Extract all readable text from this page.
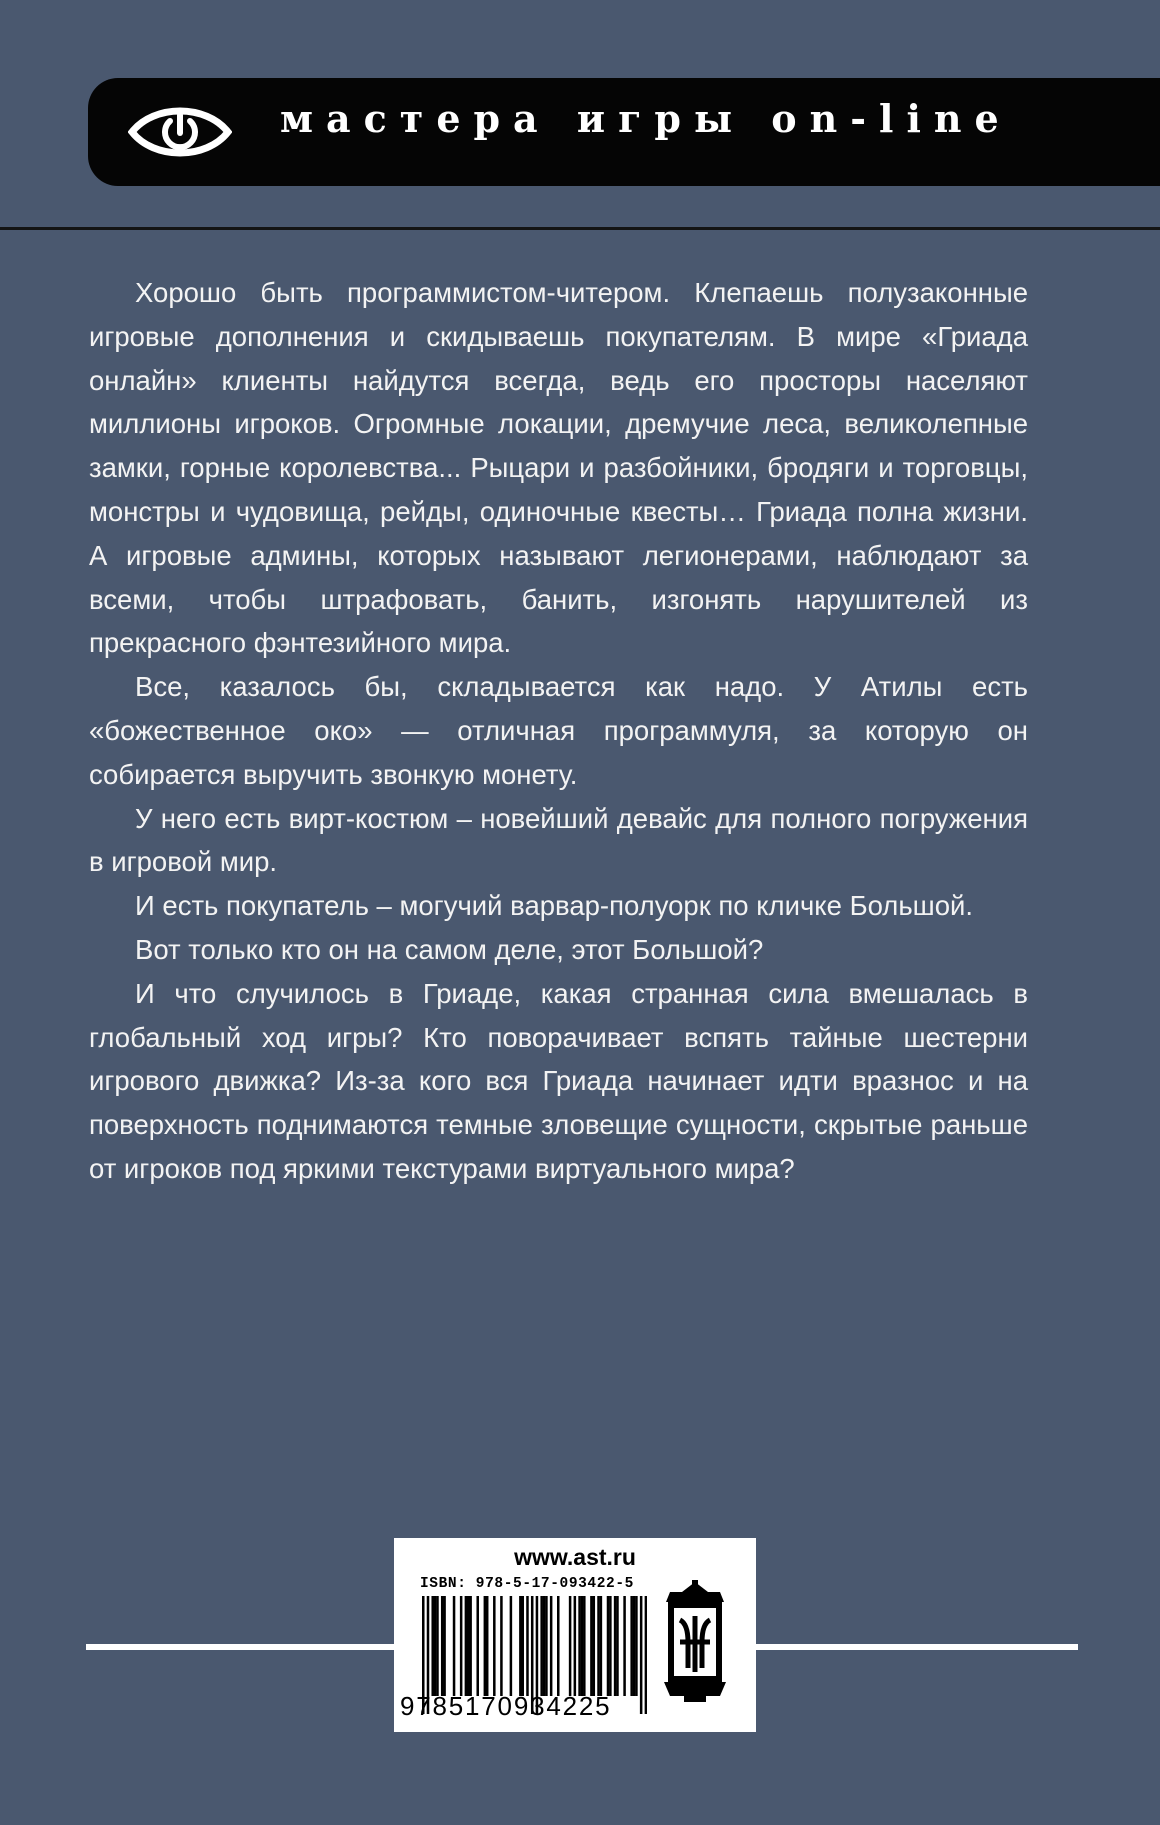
мастера игры on-line

Хорошо быть программистом-читером. Клепаешь полузаконные игровые дополнения и скидываешь покупателям. В мире «Гриада онлайн» клиенты найдутся всегда, ведь его просторы населяют миллионы игроков. Огромные локации, дремучие леса, великолепные замки, горные королевства... Рыцари и разбойники, бродяги и торговцы, монстры и чудовища, рейды, одиночные квесты… Гриада полна жизни. А игровые админы, которых называют легионерами, наблюдают за всеми, чтобы штрафовать, банить, изгонять нарушителей из прекрасного фэнтезийного мира.

Все, казалось бы, складывается как надо. У Атилы есть «божественное око» — отличная программуля, за которую он собирается выручить звонкую монету.

У него есть вирт-костюм – новейший девайс для полного погружения в игровой мир.

И есть покупатель – могучий варвар-полуорк по кличке Большой.

Вот только кто он на самом деле, этот Большой?

И что случилось в Гриаде, какая странная сила вмешалась в глобальный ход игры? Кто поворачивает вспять тайные шестерни игрового движка? Из-за кого вся Гриада начинает идти вразнос и на поверхность поднимаются темные зловещие сущности, скрытые раньше от игроков под яркими текстурами виртуального мира?

www.ast.ru
ISBN: 978-5-17-093422-5
9785170934225
